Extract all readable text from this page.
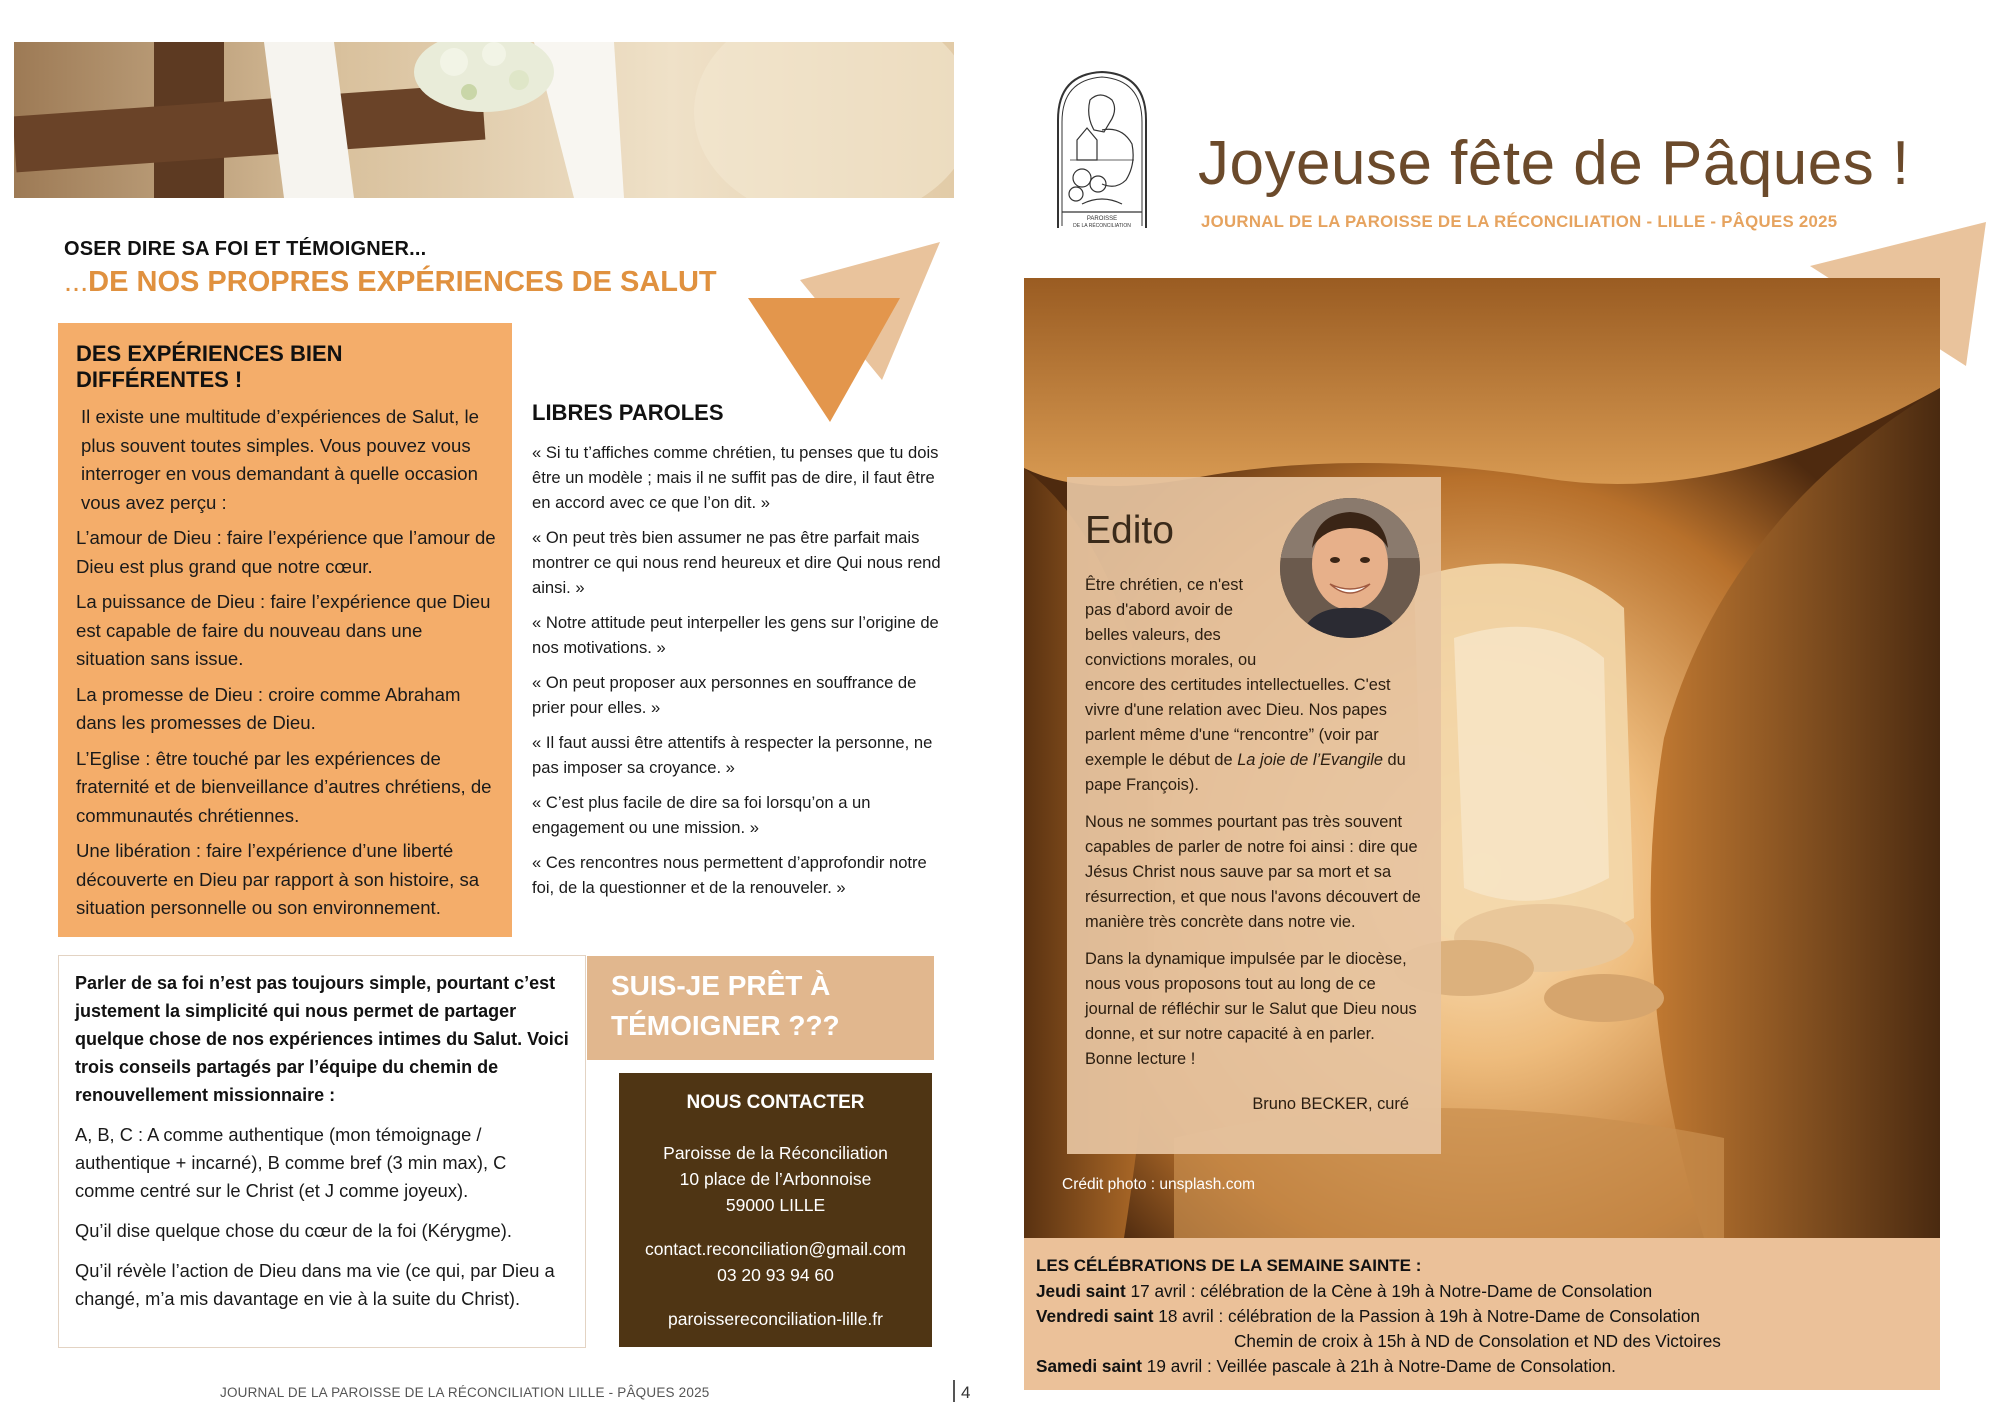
OSER DIRE SA FOI ET TÉMOIGNER...
...DE NOS PROPRES EXPÉRIENCES DE SALUT
DES EXPÉRIENCES BIEN DIFFÉRENTES !

Il existe une multitude d’expériences de Salut, le plus souvent toutes simples. Vous pouvez vous interroger en vous demandant à quelle occasion vous avez perçu :

L’amour de Dieu : faire l’expérience que l’amour de Dieu est plus grand que notre cœur.

La puissance de Dieu : faire l’expérience que Dieu est capable de faire du nouveau dans une situation sans issue.

La promesse de Dieu : croire comme Abraham dans les promesses de Dieu.

L’Eglise : être touché par les expériences de fraternité et de bienveillance d’autres chrétiens, de communautés chrétiennes.

Une libération : faire l’expérience d’une liberté découverte en Dieu par rapport à son histoire, sa situation personnelle ou son environnement.

LIBRES PAROLES

« Si tu t’affiches comme chrétien, tu penses que tu dois être un modèle ; mais il ne suffit pas de dire, il faut être en accord avec ce que l’on dit. »

« On peut très bien assumer ne pas être parfait mais montrer ce qui nous rend heureux et dire Qui nous rend ainsi. »

« Notre attitude peut interpeller les gens sur l’origine de nos motivations. »

« On peut proposer aux personnes en souffrance de prier pour elles. »

« Il faut aussi être attentifs à respecter la personne, ne pas imposer sa croyance. »

« C’est plus facile de dire sa foi lorsqu’on a un engagement ou une mission. »

« Ces rencontres nous permettent d’approfondir notre foi, de la questionner et de la renouveler. »

Parler de sa foi n’est pas toujours simple, pourtant c’est justement la simplicité qui nous permet de partager quelque chose de nos expériences intimes du Salut. Voici trois conseils partagés par l’équipe du chemin de renouvellement missionnaire :

A, B, C : A comme authentique (mon témoignage / authentique + incarné), B comme bref (3 min max), C comme centré sur le Christ (et J comme joyeux).

Qu’il dise quelque chose du cœur de la foi (Kérygme).

Qu’il révèle l’action de Dieu dans ma vie (ce qui, par Dieu a changé, m’a mis davantage en vie à la suite du Christ).

SUIS-JE PRÊT À
TÉMOIGNER ???
NOUS CONTACTER
Paroisse de la Réconciliation
10 place de l’Arbonnoise
59000 LILLE
contact.reconciliation@gmail.com
03 20 93 94 60
paroissereconciliation-lille.fr
JOURNAL DE LA PAROISSE DE LA RÉCONCILIATION LILLE - PÂQUES 2025	4
PAROISSE
DE LA RÉCONCILIATION
Joyeuse fête de Pâques !
JOURNAL DE LA PAROISSE DE LA RÉCONCILIATION - LILLE - PÂQUES 2025
Edito

Être chrétien, ce n'est pas d'abord avoir de belles valeurs, des convictions morales, ou encore des certitudes intellectuelles. C'est vivre d'une relation avec Dieu. Nos papes parlent même d'une “rencontre” (voir par exemple le début de La joie de l’Evangile du pape François).

Nous ne sommes pourtant pas très souvent capables de parler de notre foi ainsi : dire que Jésus Christ nous sauve par sa mort et sa résurrection, et que nous l'avons découvert de manière très concrète dans notre vie.

Dans la dynamique impulsée par le diocèse, nous vous proposons tout au long de ce journal de réfléchir sur le Salut que Dieu nous donne, et sur notre capacité à en parler. Bonne lecture !

Bruno BECKER, curé

Crédit photo : unsplash.com
LES CÉLÉBRATIONS DE LA SEMAINE SAINTE :
Jeudi saint 17 avril : célébration de la Cène à 19h à Notre-Dame de Consolation
Vendredi saint 18 avril : célébration de la Passion à 19h à Notre-Dame de Consolation
Chemin de croix à 15h à ND de Consolation et ND des Victoires
Samedi saint 19 avril : Veillée pascale à 21h à Notre-Dame de Consolation.
